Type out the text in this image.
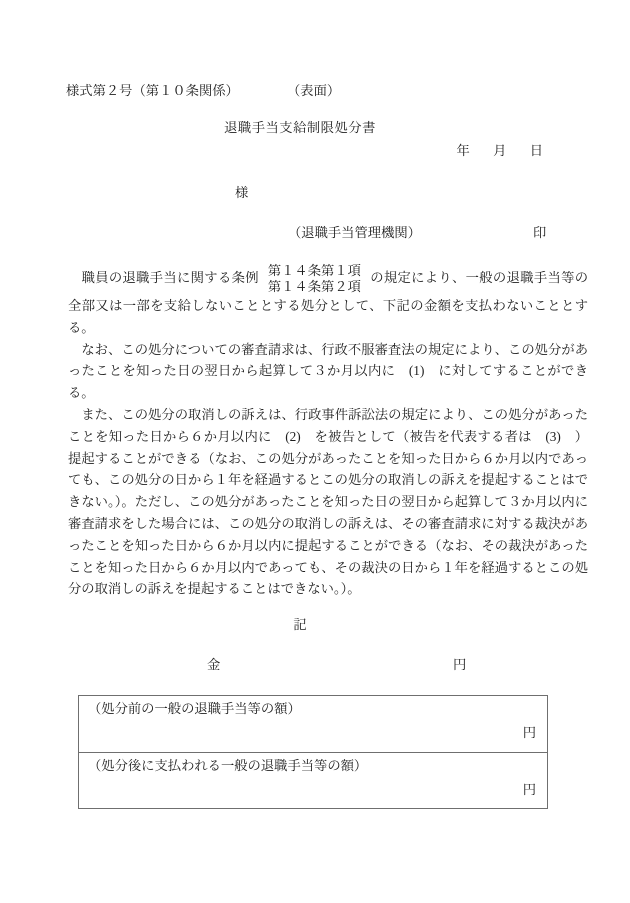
様式第２号（第１０条関係）	（表面）
退職手当支給制限処分書
年 月 日
様
（退職手当管理機関）	印

　職員の退職手当に関する条例 第１４条第１項
第１４条第２項
の規定により、一般の退職手当等の全部又は一部を支給しないこととする処分として、下記の金額を支払わないこととする。

　なお、この処分についての審査請求は、行政不服審査法の規定により、この処分があったことを知った日の翌日から起算して３か月以内に　(1)　に対してすることができる。

　また、この処分の取消しの訴えは、行政事件訴訟法の規定により、この処分があったことを知った日から６か月以内に　(2)　を被告として（被告を代表する者は　(3)　）提起することができる（なお、この処分があったことを知った日から６か月以内であっても、この処分の日から１年を経過するとこの処分の取消しの訴えを提起することはできない。）。ただし、この処分があったことを知った日の翌日から起算して３か月以内に審査請求をした場合には、この処分の取消しの訴えは、その審査請求に対する裁決があったことを知った日から６か月以内に提起することができる（なお、その裁決があったことを知った日から６か月以内であっても、その裁決の日から１年を経過するとこの処分の取消しの訴えを提起することはできない。）。

記
金	円
（処分前の一般の退職手当等の額）
円
（処分後に支払われる一般の退職手当等の額）
円
